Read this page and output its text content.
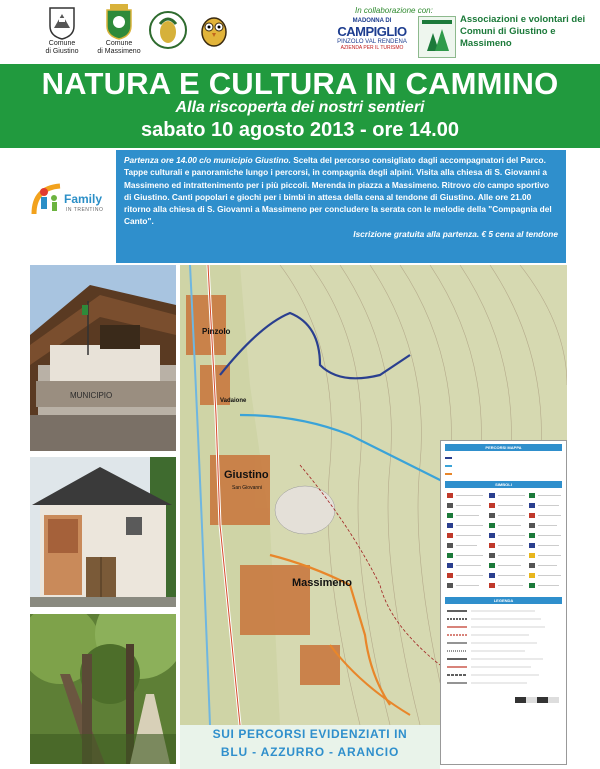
Comune
di Giustino
Comune
di Massimeno
In collaborazione con:
MADONNA DI
CAMPIGLIO
PINZOLO VAL RENDENA
AZIENDA PER IL TURISMO
Associazioni e volontari dei Comuni di Giustino e Massimeno
NATURA E CULTURA IN CAMMINO
Alla riscoperta dei nostri sentieri
sabato 10 agosto 2013 - ore 14.00
Family
IN TRENTINO
Partenza ore 14.00 c/o municipio Giustino. Scelta del percorso consigliato dagli accompagnatori del Parco. Tappe culturali e panoramiche lungo i percorsi, in compagnia degli alpini. Visita alla chiesa di S. Giovanni a Massimeno ed intrattenimento per i più piccoli. Merenda in piazza a Massimeno. Ritrovo c/o campo sportivo di Giustino. Canti popolari e giochi per i bimbi in attesa della cena al tendone di Giustino. Alle ore 21.00 ritorno alla chiesa di S. Giovanni a Massimeno per concludere la serata con le melodie della "Compagnia del Canto".
Iscrizione gratuita alla partenza. € 5 cena al tendone
MUNICIPIO
Pinzolo
Vadaione
Giustino
San Giovanni
Massimeno
PERCORSI MAPPA
SIMBOLI
LEGENDA
SUI PERCORSI EVIDENZIATI IN
BLU - AZZURRO - ARANCIO
